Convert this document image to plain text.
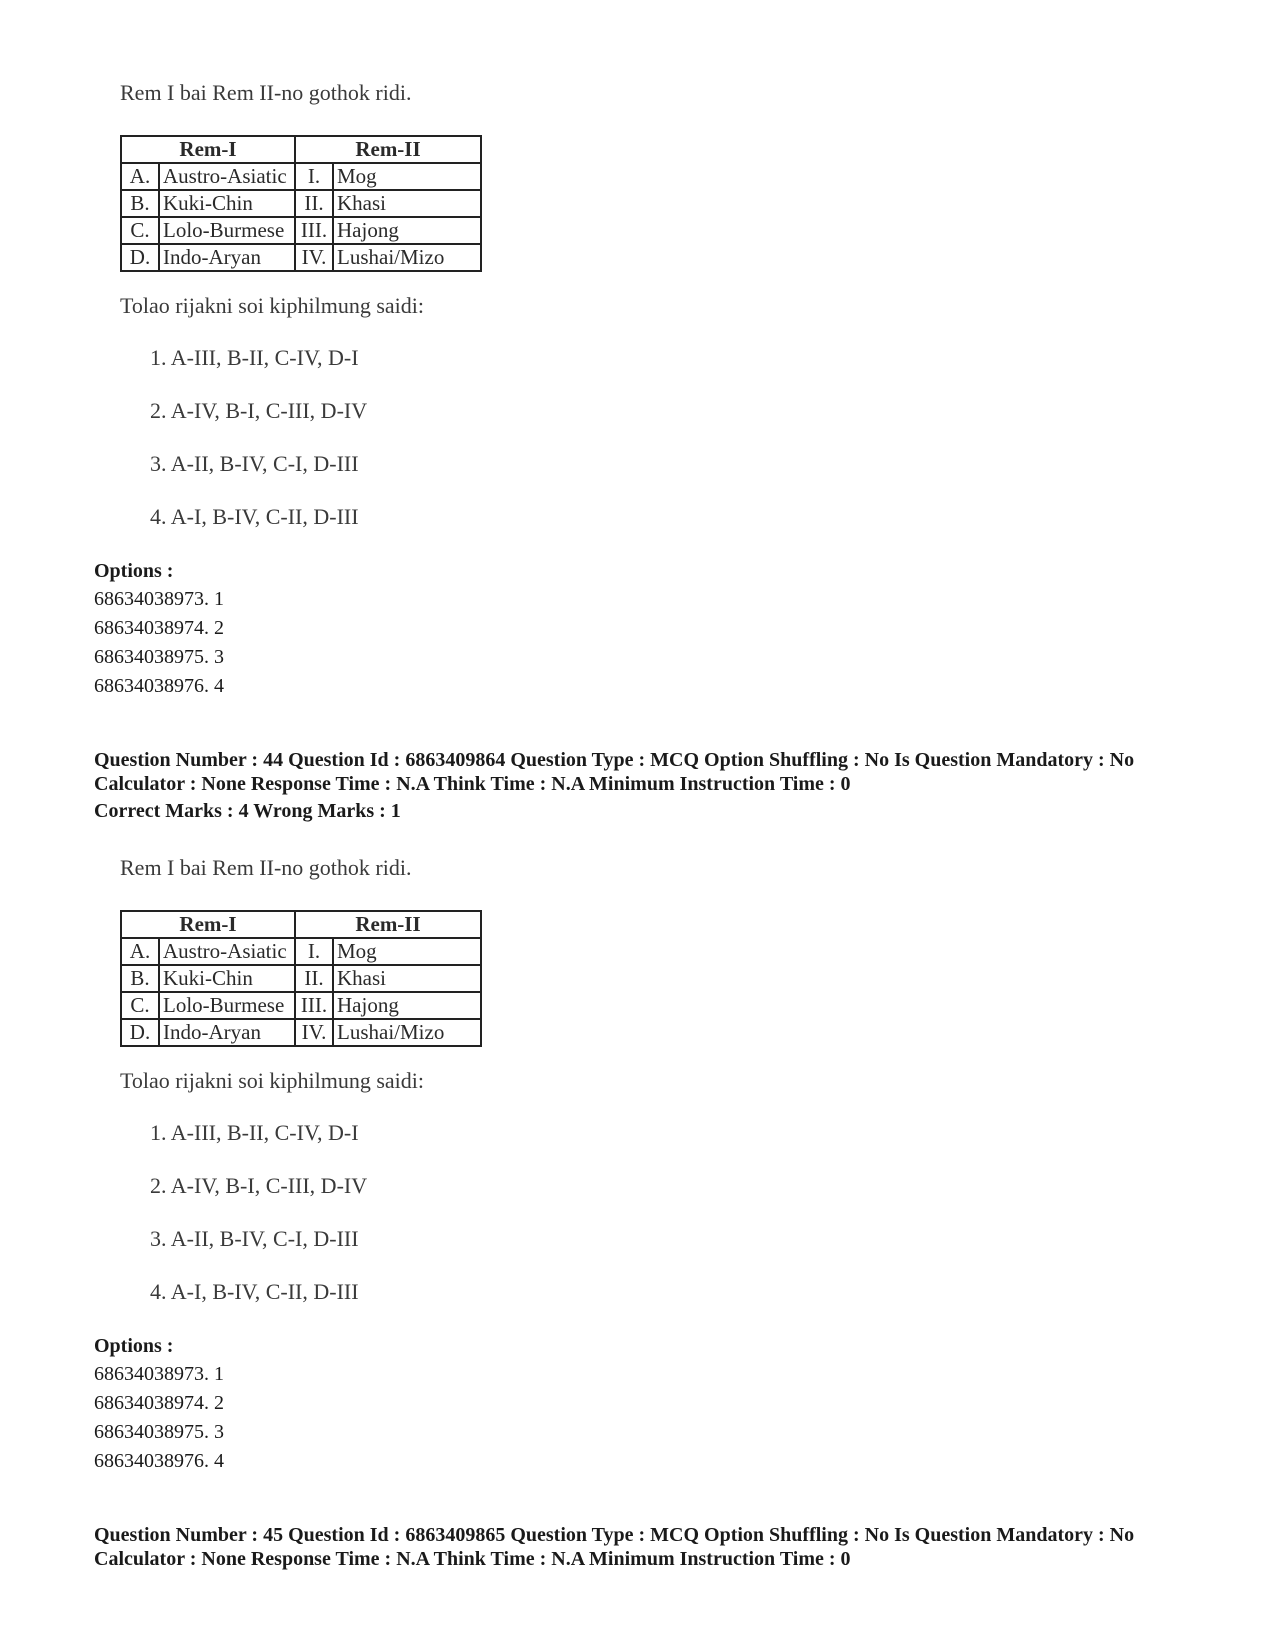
Rem I bai Rem II-no gothok ridi.
Rem-I		Rem-II	
A.	Austro-Asiatic	I.	Mog
B.	Kuki-Chin	II.	Khasi
C.	Lolo-Burmese	III.	Hajong
D.	Indo-Aryan	IV.	Lushai/Mizo
Tolao rijakni soi kiphilmung saidi:
1. A-III, B-II, C-IV, D-I
2. A-IV, B-I, C-III, D-IV
3. A-II, B-IV, C-I, D-III
4. A-I, B-IV, C-II, D-III
Options :
68634038973. 1
68634038974. 2
68634038975. 3
68634038976. 4
Question Number : 44 Question Id : 6863409864 Question Type : MCQ Option Shuffling : No Is Question Mandatory : No Calculator : None Response Time : N.A Think Time : N.A Minimum Instruction Time : 0
Correct Marks : 4 Wrong Marks : 1
Rem I bai Rem II-no gothok ridi.
Rem-I		Rem-II	
A.	Austro-Asiatic	I.	Mog
B.	Kuki-Chin	II.	Khasi
C.	Lolo-Burmese	III.	Hajong
D.	Indo-Aryan	IV.	Lushai/Mizo
Tolao rijakni soi kiphilmung saidi:
1. A-III, B-II, C-IV, D-I
2. A-IV, B-I, C-III, D-IV
3. A-II, B-IV, C-I, D-III
4. A-I, B-IV, C-II, D-III
Options :
68634038973. 1
68634038974. 2
68634038975. 3
68634038976. 4
Question Number : 45 Question Id : 6863409865 Question Type : MCQ Option Shuffling : No Is Question Mandatory : No Calculator : None Response Time : N.A Think Time : N.A Minimum Instruction Time : 0
